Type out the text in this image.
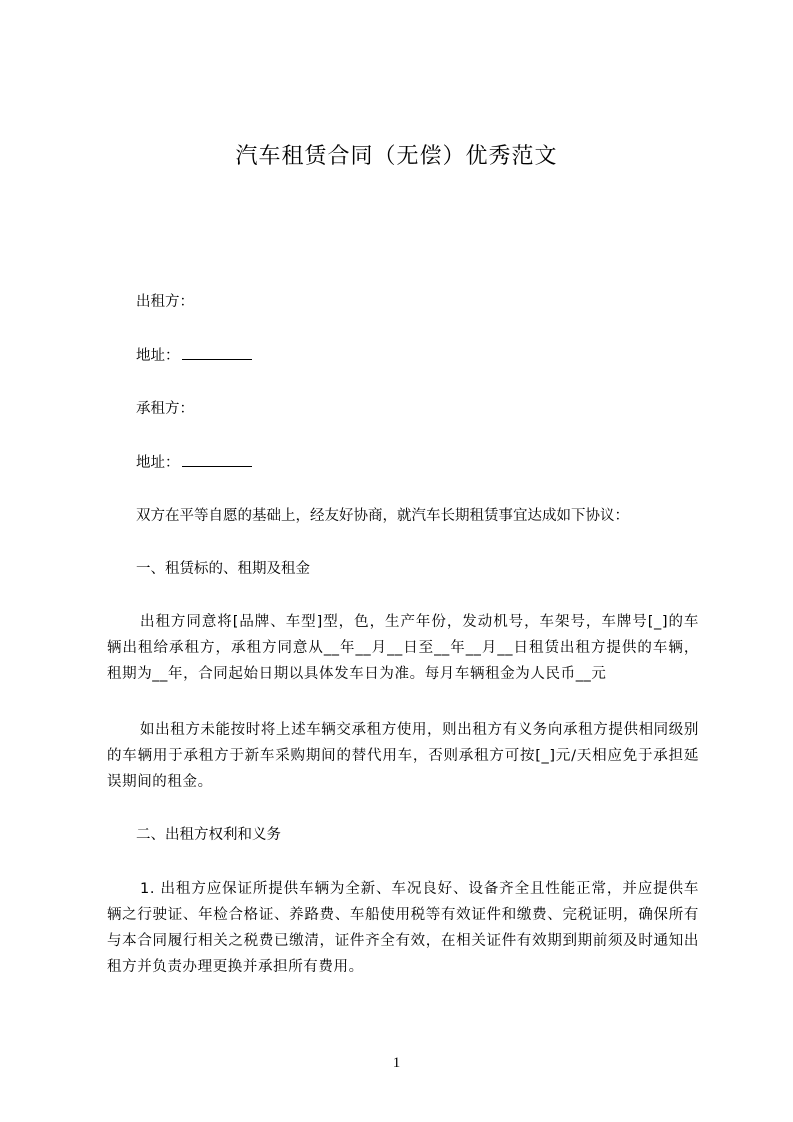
汽车租赁合同（无偿）优秀范文
出租方：
地址：
承租方：
地址：
双方在平等自愿的基础上，经友好协商，就汽车长期租赁事宜达成如下协议：
一、租赁标的、租期及租金
出租方同意将[品牌、车型]型，色，生产年份，发动机号，车架号，车牌号[_]的车辆出租给承租方，承租方同意从__年__月__日至__年__月__日租赁出租方提供的车辆，租期为__年，合同起始日期以具体发车日为准。每月车辆租金为人民币__元
如出租方未能按时将上述车辆交承租方使用，则出租方有义务向承租方提供相同级别的车辆用于承租方于新车采购期间的替代用车，否则承租方可按[_]元/天相应免于承担延误期间的租金。
二、出租方权利和义务
1. 出租方应保证所提供车辆为全新、车况良好、设备齐全且性能正常，并应提供车辆之行驶证、年检合格证、养路费、车船使用税等有效证件和缴费、完税证明，确保所有与本合同履行相关之税费已缴清，证件齐全有效，在相关证件有效期到期前须及时通知出租方并负责办理更换并承担所有费用。
1
